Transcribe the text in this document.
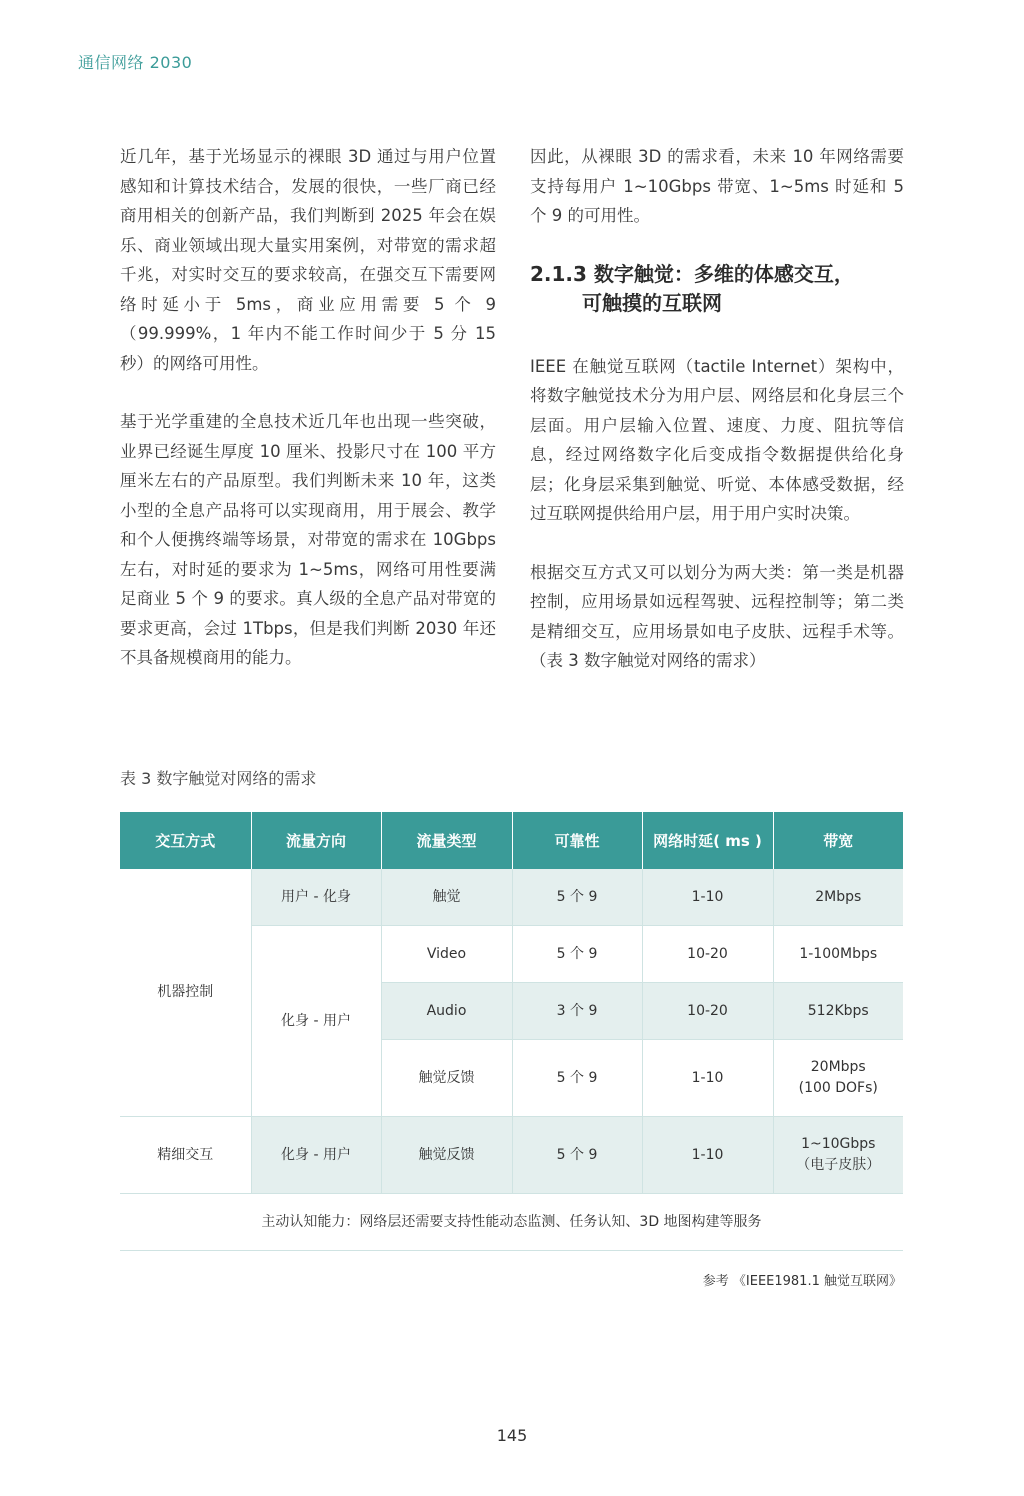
通信网络 2030

近几年，基于光场显示的裸眼 3D 通过与用户位置感知和计算技术结合，发展的很快，一些厂商已经商用相关的创新产品，我们判断到 2025 年会在娱乐、商业领域出现大量实用案例，对带宽的需求超千兆，对实时交互的要求较高，在强交互下需要网络时延小于 5ms，商业应用需要 5 个 9（99.999%，1 年内不能工作时间少于 5 分 15 秒）的网络可用性。

基于光学重建的全息技术近几年也出现一些突破，业界已经诞生厚度 10 厘米、投影尺寸在 100 平方厘米左右的产品原型。我们判断未来 10 年，这类小型的全息产品将可以实现商用，用于展会、教学和个人便携终端等场景，对带宽的需求在 10Gbps 左右，对时延的要求为 1~5ms，网络可用性要满足商业 5 个 9 的要求。真人级的全息产品对带宽的要求更高，会过 1Tbps，但是我们判断 2030 年还不具备规模商用的能力。

因此，从裸眼 3D 的需求看，未来 10 年网络需要支持每用户 1~10Gbps 带宽、1~5ms 时延和 5 个 9 的可用性。

2.1.3 数字触觉：多维的体感交互，
可触摸的互联网

IEEE 在触觉互联网（tactile Internet）架构中，将数字触觉技术分为用户层、网络层和化身层三个层面。用户层输入位置、速度、力度、阻抗等信息，经过网络数字化后变成指令数据提供给化身层；化身层采集到触觉、听觉、本体感受数据，经过互联网提供给用户层，用于用户实时决策。

根据交互方式又可以划分为两大类：第一类是机器控制，应用场景如远程驾驶、远程控制等；第二类是精细交互，应用场景如电子皮肤、远程手术等。（表 3 数字触觉对网络的需求）

表 3 数字触觉对网络的需求
交互方式	流量方向	流量类型	可靠性	网络时延( ms )	带宽
机器控制	用户 - 化身	触觉	5 个 9	1-10	2Mbps
	化身 - 用户	Video	5 个 9	10-20	1-100Mbps
		Audio	3 个 9	10-20	512Kbps
		触觉反馈	5 个 9	1-10	20Mbps
(100 DOFs)

精细交互	化身 - 用户	触觉反馈	5 个 9	1-10	1~10Gbps
（电子皮肤）

主动认知能力：网络层还需要支持性能动态监测、任务认知、3D 地图构建等服务					
参考 《IEEE1981.1 触觉互联网》
145
